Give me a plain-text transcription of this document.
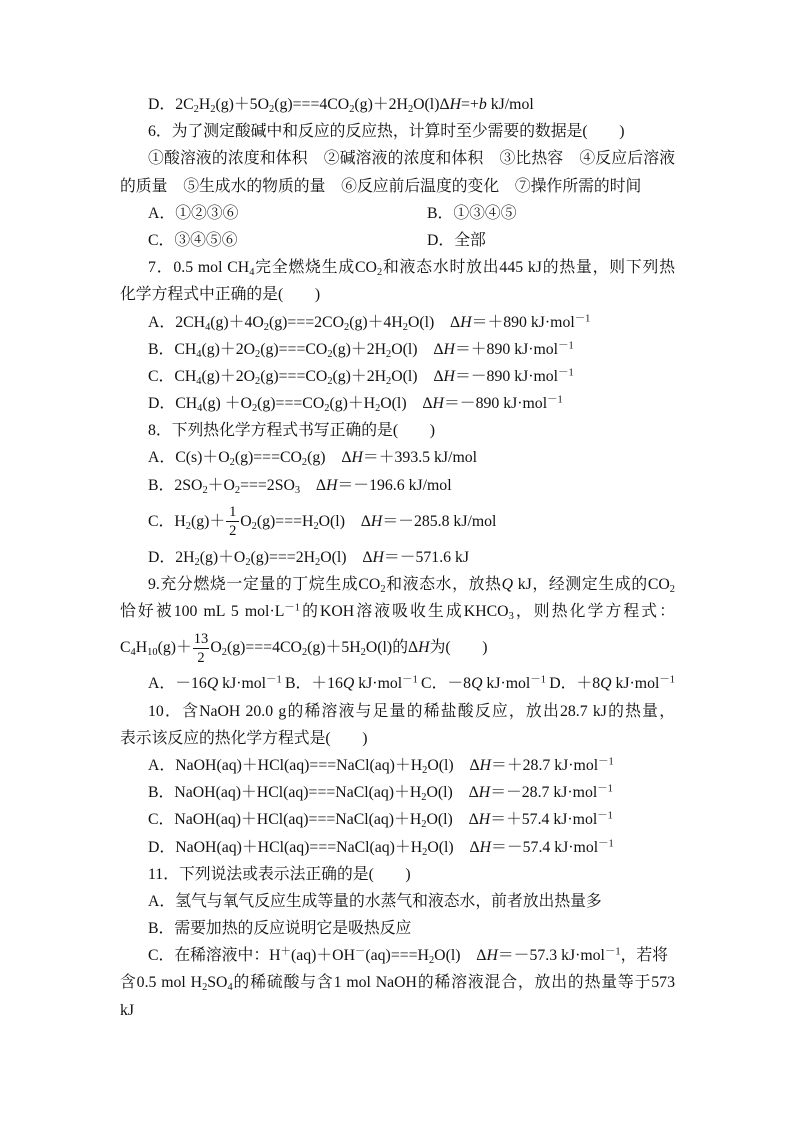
D．$2C_2H_2(g)+5O_2(g)===4CO_2(g)+2H_2O(l)\Delta H=+b$ kJ/mol
6．为了测定酸碱中和反应的反应热，计算时至少需要的数据是(　　)
①酸溶液的浓度和体积　②碱溶液的浓度和体积　③比热容　④反应后溶液
的质量　⑤生成水的物质的量　⑥反应前后温度的变化　⑦操作所需的时间
A．①②③⑥	B．①③④⑤
C．③④⑤⑥	D．全部
7．0.5 mol $CH_4$完全燃烧生成$CO_2$和液态水时放出445 kJ的热量，则下列热
化学方程式中正确的是(　　)
A．$2CH_4(g)+4O_2(g)===2CO_2(g)+4H_2O(l)$　ΔH＝＋890 kJ·mol$^{-1}$
B．$CH_4(g)+2O_2(g)===CO_2(g)+2H_2O(l)$　ΔH＝＋890 kJ·mol$^{-1}$
C．$CH_4(g)+2O_2(g)===CO_2(g)+2H_2O(l)$　ΔH＝－890 kJ·mol$^{-1}$
D．$CH_4(g) +O_2(g)===CO_2(g)+H_2O(l)$　ΔH＝－890 kJ·mol$^{-1}$
8．下列热化学方程式书写正确的是(　　)
A．$C(s)+O_2(g)===CO_2(g)$　ΔH＝＋393.5 kJ/mol
B．$2SO_2+O_2===2SO_3$　ΔH＝－196.6 kJ/mol
C．$H_2(g)+ \frac{1}{2} O_2(g)===H_2O(l)$　ΔH＝－285.8 kJ/mol
D．$2H_2(g)+O_2(g)===2H_2O(l)$　ΔH＝－571.6 kJ
9.充分燃烧一定量的丁烷生成$CO_2$和液态水，放热Q kJ，经测定生成的$CO_2$
恰好被100 mL 5 $mol\cdot L^{-1}$的KOH溶液吸收生成$KHCO_3$，则热化学方程式：
$C_4H_{10}(g)+ \frac{13}{2} O_2(g)===4CO_2(g)+5H_2O(l)$的ΔH为(　　)
A．－16Q kJ·mol$^{-1}$ B．＋16Q kJ·mol$^{-1}$ C．－8Q kJ·mol$^{-1}$ D．＋8Q kJ·mol$^{-1}$
10．含NaOH 20.0 g的稀溶液与足量的稀盐酸反应，放出28.7 kJ的热量，
表示该反应的热化学方程式是(　　)
A．$NaOH(aq)+HCl(aq)===NaCl(aq)+H_2O(l)$　ΔH＝＋28.7 kJ·mol$^{-1}$
B．$NaOH(aq)+HCl(aq)===NaCl(aq)+H_2O(l)$　ΔH＝－28.7 kJ·mol$^{-1}$
C．$NaOH(aq)+HCl(aq)===NaCl(aq)+H_2O(l)$　ΔH＝＋57.4 kJ·mol$^{-1}$
D．$NaOH(aq)+HCl(aq)===NaCl(aq)+H_2O(l)$　ΔH＝－57.4 kJ·mol$^{-1}$
11．下列说法或表示法正确的是(　　)
A．氢气与氧气反应生成等量的水蒸气和液态水，前者放出热量多
B．需要加热的反应说明它是吸热反应
C．在稀溶液中：$H^+(aq)+OH^-(aq)===H_2O(l)$　ΔH＝－57.3 kJ·mol$^{-1}$，若将
含0.5 mol $H_2SO_4$的稀硫酸与含1 mol NaOH的稀溶液混合，放出的热量等于573
kJ
